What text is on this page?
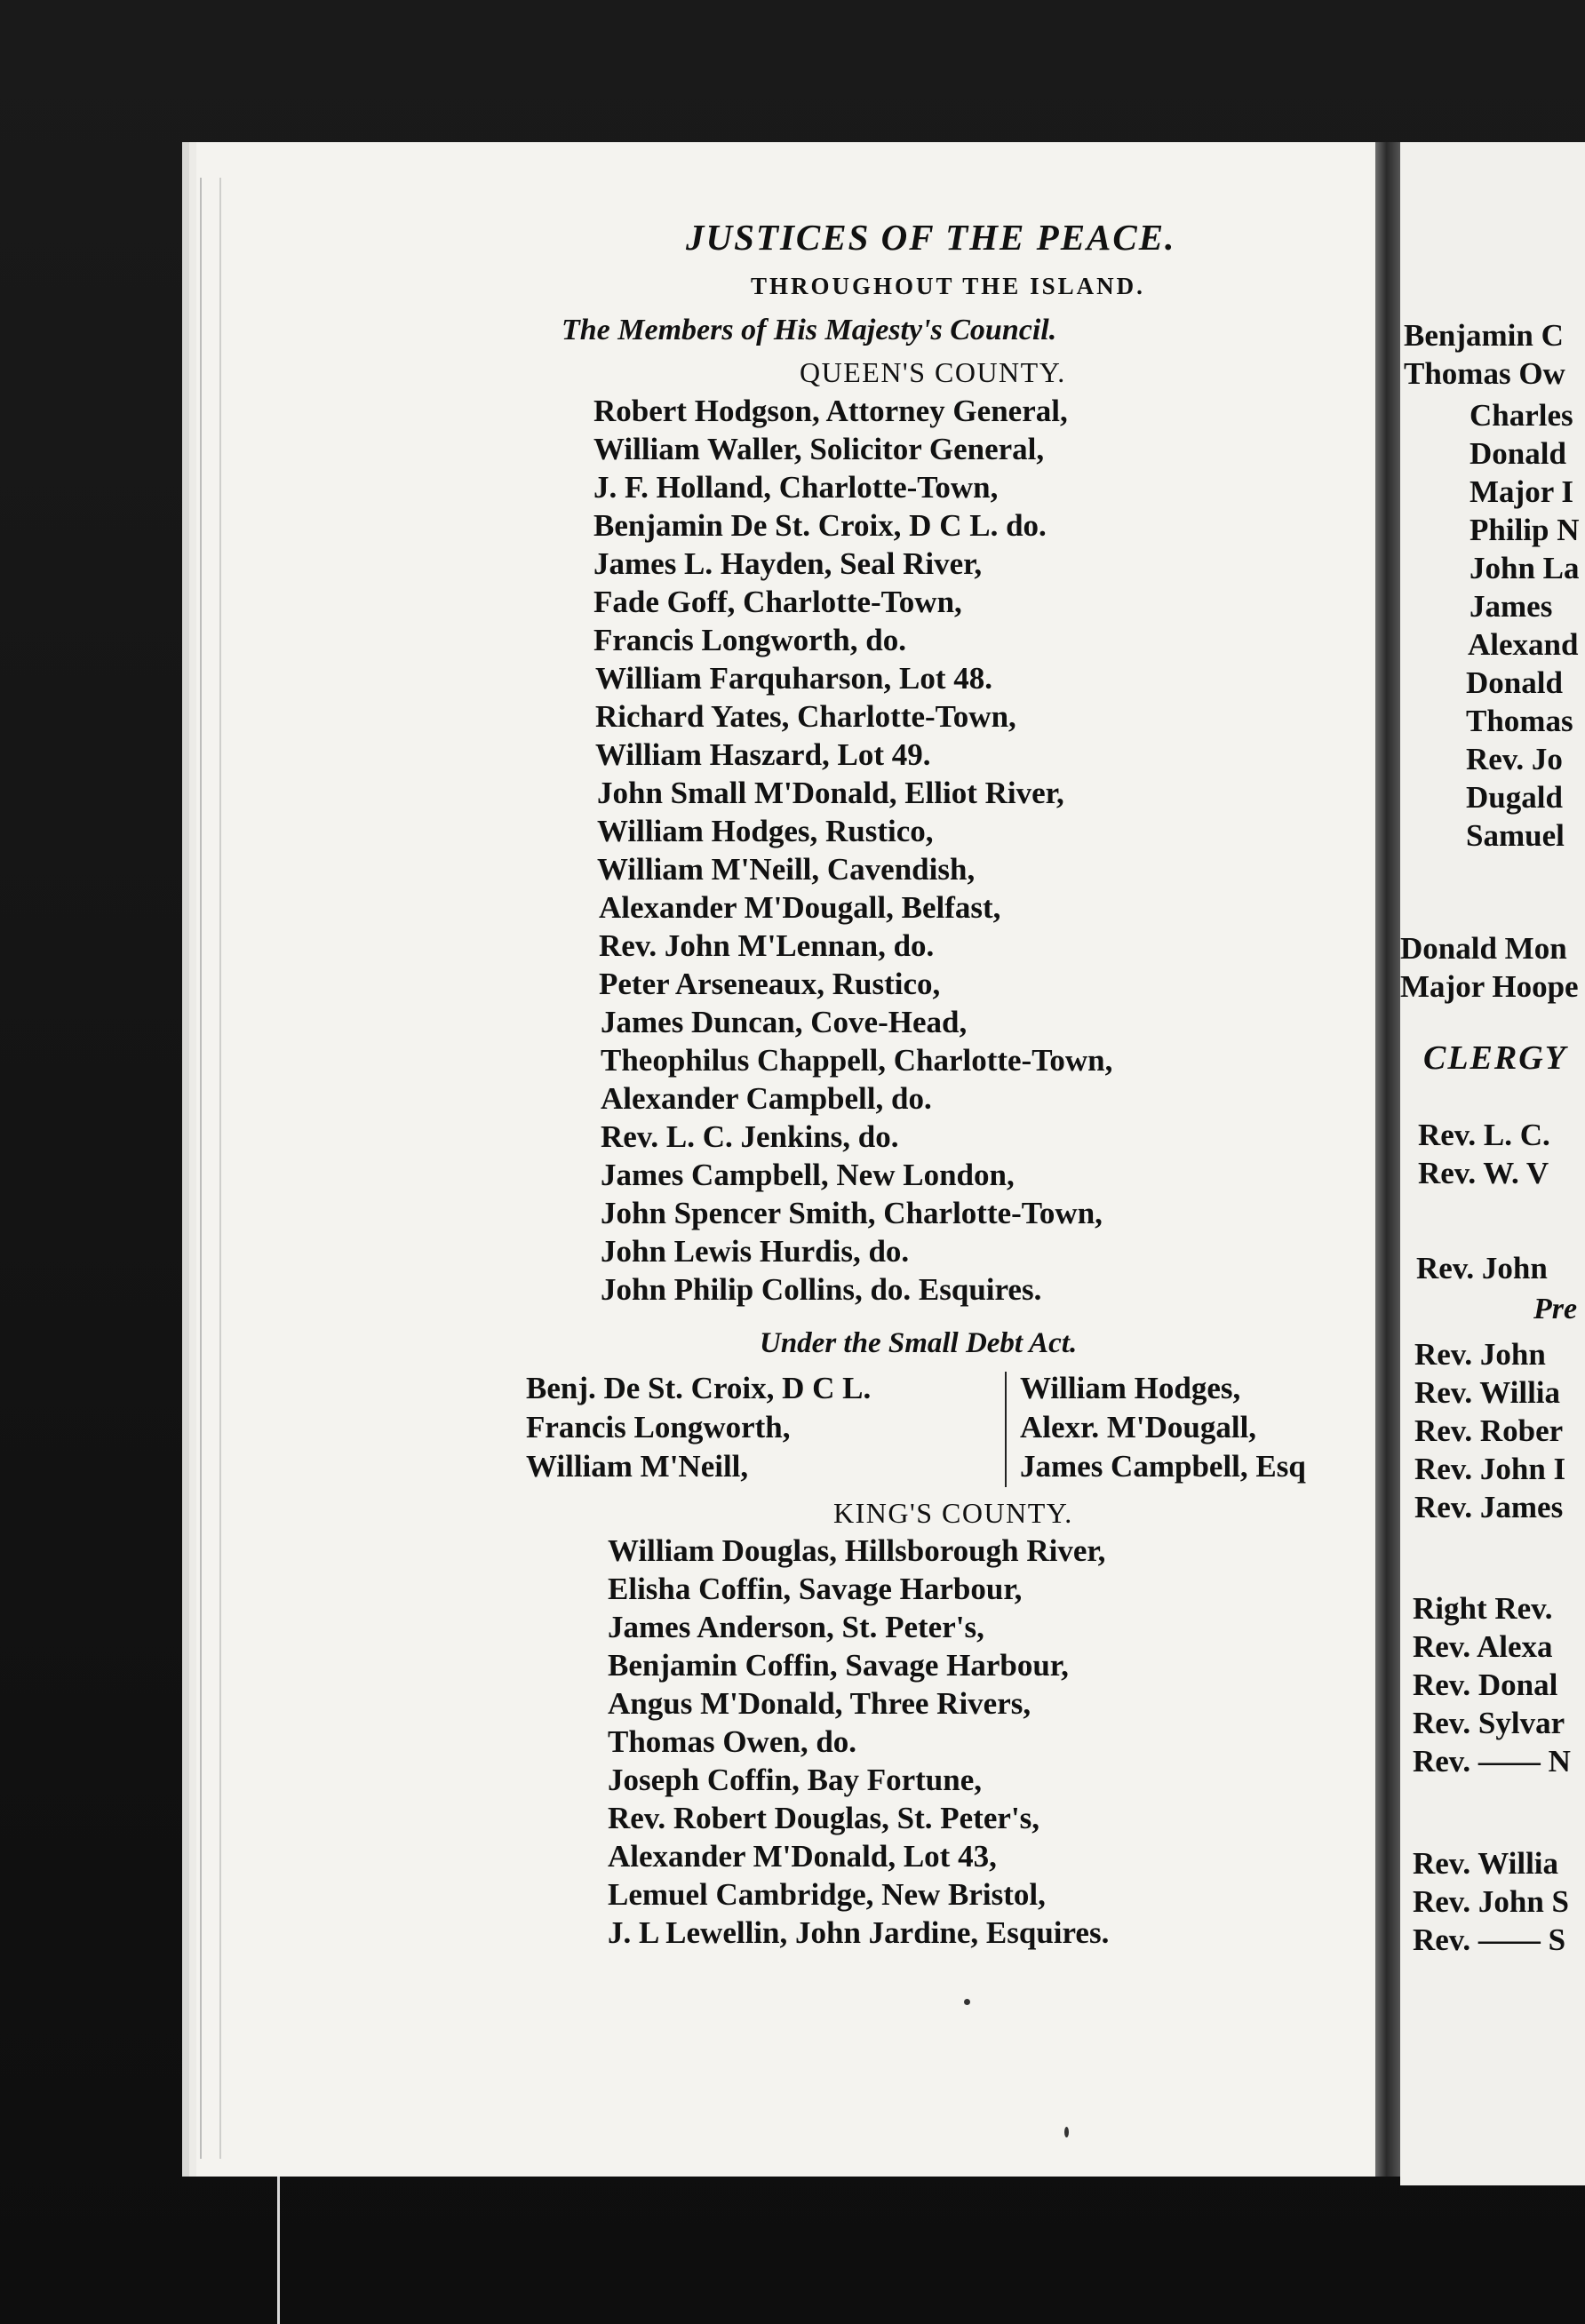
JUSTICES OF THE PEACE.
THROUGHOUT THE ISLAND.
The Members of His Majesty's Council.
QUEEN'S COUNTY.
Robert Hodgson, Attorney General,
William Waller, Solicitor General,
J. F. Holland, Charlotte-Town,
Benjamin De St. Croix, D C L. do.
James L. Hayden, Seal River,
Fade Goff, Charlotte-Town,
Francis Longworth, do.
William Farquharson, Lot 48.
Richard Yates, Charlotte-Town,
William Haszard, Lot 49.
John Small M'Donald, Elliot River,
William Hodges, Rustico,
William M'Neill, Cavendish,
Alexander M'Dougall, Belfast,
Rev. John M'Lennan, do.
Peter Arseneaux, Rustico,
James Duncan, Cove-Head,
Theophilus Chappell, Charlotte-Town,
Alexander Campbell, do.
Rev. L. C. Jenkins, do.
James Campbell, New London,
John Spencer Smith, Charlotte-Town,
John Lewis Hurdis, do.
John Philip Collins, do. Esquires.
Under the Small Debt Act.
Benj. De St. Croix, D C L.
Francis Longworth,
William M'Neill,
William Hodges,
Alexr. M'Dougall,
James Campbell, Esq
KING'S COUNTY.
William Douglas, Hillsborough River,
Elisha Coffin, Savage Harbour,
James Anderson, St. Peter's,
Benjamin Coffin, Savage Harbour,
Angus M'Donald, Three Rivers,
Thomas Owen, do.
Joseph Coffin, Bay Fortune,
Rev. Robert Douglas, St. Peter's,
Alexander M'Donald, Lot 43,
Lemuel Cambridge, New Bristol,
J. L Lewellin, John Jardine, Esquires.
Benjamin C
Thomas Ow
Charles
Donald
Major I
Philip N
John La
James
Alexand
Donald
Thomas
Rev. Jo
Dugald
Samuel
Donald Mon
Major Hoope
CLERGY
Rev. L. C.
Rev. W. V
Rev. John
Pre
Rev. John
Rev. Willia
Rev. Rober
Rev. John I
Rev. James
Right Rev.
Rev. Alexa
Rev. Donal
Rev. Sylvar
Rev. —— N
Rev. Willia
Rev. John S
Rev. —— S
